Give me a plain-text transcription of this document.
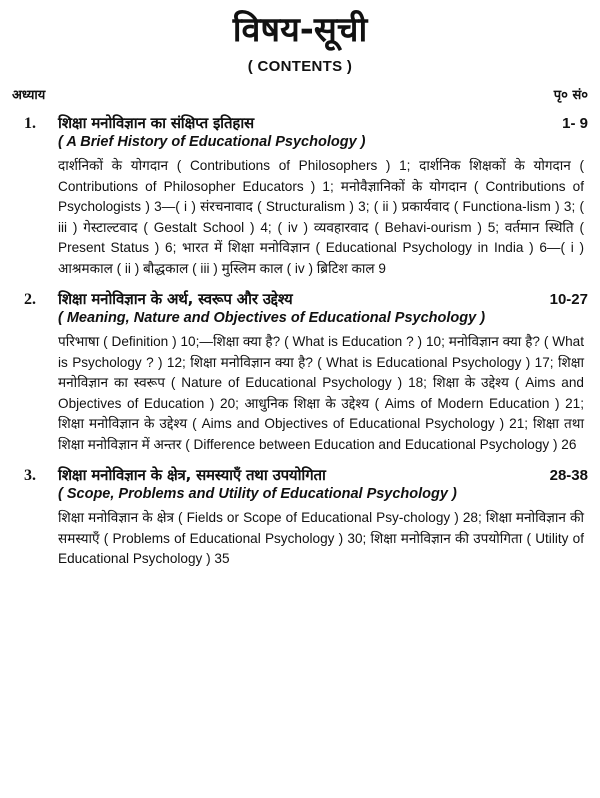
विषय-सूची
( CONTENTS )
अध्याय	पृ० सं०
1.	शिक्षा मनोविज्ञान का संक्षिप्त इतिहास	1- 9
( A Brief History of Educational Psychology )
दार्शनिकों के योगदान ( Contributions of Philosophers ) 1; दार्शनिक शिक्षकों के योगदान ( Contributions of Philosopher Educators ) 1; मनोवैज्ञानिकों के योगदान ( Contributions of Psychologists ) 3—( i ) संरचनावाद ( Structuralism ) 3; ( ii ) प्रकार्यवाद ( Functiona-lism ) 3; ( iii ) गेस्टाल्टवाद ( Gestalt School ) 4; ( iv ) व्यवहारवाद ( Behavi-ourism ) 5; वर्तमान स्थिति ( Present Status ) 6; भारत में शिक्षा मनोविज्ञान ( Educational Psychology in India ) 6—( i ) आश्रमकाल ( ii ) बौद्धकाल ( iii ) मुस्लिम काल ( iv ) ब्रिटिश काल 9
2.	शिक्षा मनोविज्ञान के अर्थ, स्वरूप और उद्देश्य	10-27
( Meaning, Nature and Objectives of Educational Psychology )
परिभाषा ( Definition ) 10;—शिक्षा क्या है? ( What is Education ? ) 10; मनोविज्ञान क्या है? ( What is Psychology ? ) 12; शिक्षा मनोविज्ञान क्या है? ( What is Educational Psychology ) 17; शिक्षा मनोविज्ञान का स्वरूप ( Nature of Educational Psychology ) 18; शिक्षा के उद्देश्य ( Aims and Objectives of Education ) 20; आधुनिक शिक्षा के उद्देश्य ( Aims of Modern Education ) 21; शिक्षा मनोविज्ञान के उद्देश्य ( Aims and Objectives of Educational Psychology ) 21; शिक्षा तथा शिक्षा मनोविज्ञान में अन्तर ( Difference between Education and Educational Psychology ) 26
3.	शिक्षा मनोविज्ञान के क्षेत्र, समस्याएँ तथा उपयोगिता	28-38
( Scope, Problems and Utility of Educational Psychology )
शिक्षा मनोविज्ञान के क्षेत्र ( Fields or Scope of Educational Psy-chology ) 28; शिक्षा मनोविज्ञान की समस्याएँ ( Problems of Educational Psychology ) 30; शिक्षा मनोविज्ञान की उपयोगिता ( Utility of Educational Psychology ) 35
